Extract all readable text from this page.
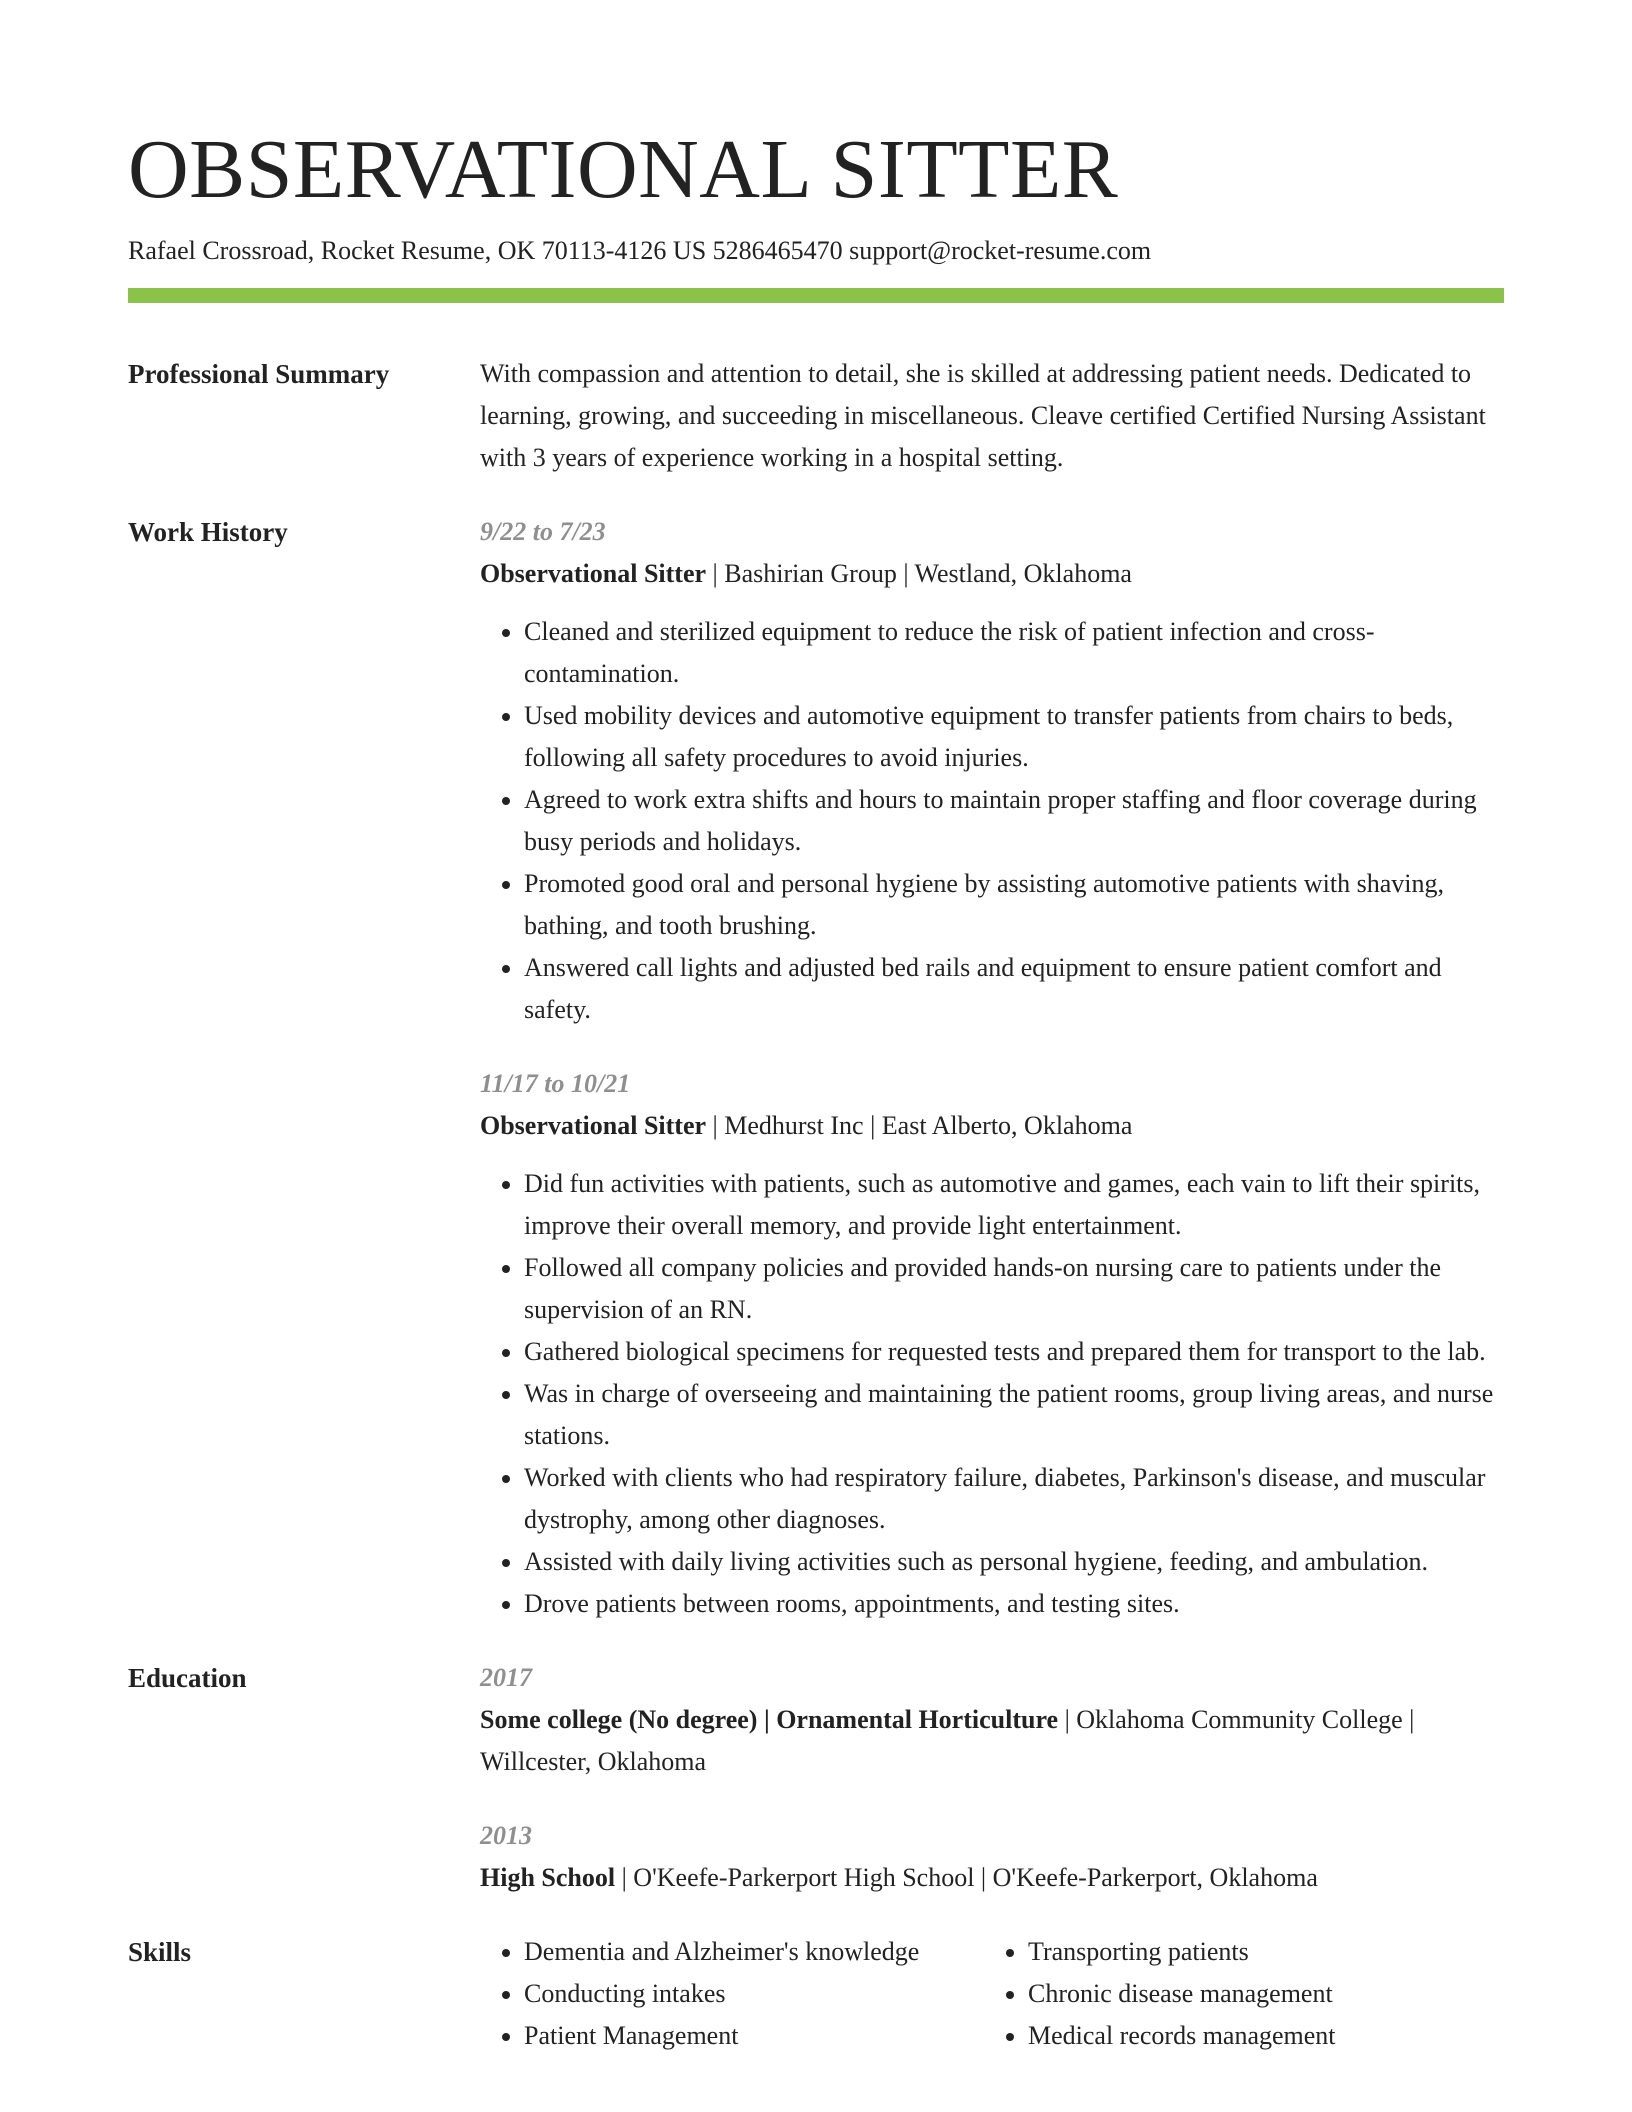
OBSERVATIONAL SITTER
Rafael Crossroad, Rocket Resume, OK 70113-4126 US 5286465470 support@rocket-resume.com
Professional Summary	With compassion and attention to detail, she is skilled at addressing patient needs. Dedicated to learning, growing, and succeeding in miscellaneous. Cleave certified Certified Nursing Assistant with 3 years of experience working in a hospital setting.

Work History	9/22 to 7/23
Observational Sitter | Bashirian Group | Westland, Oklahoma
• Cleaned and sterilized equipment to reduce the risk of patient infection and cross-contamination.
• Used mobility devices and automotive equipment to transfer patients from chairs to beds, following all safety procedures to avoid injuries.
• Agreed to work extra shifts and hours to maintain proper staffing and floor coverage during busy periods and holidays.
• Promoted good oral and personal hygiene by assisting automotive patients with shaving, bathing, and tooth brushing.
• Answered call lights and adjusted bed rails and equipment to ensure patient comfort and safety.
11/17 to 10/21
Observational Sitter | Medhurst Inc | East Alberto, Oklahoma
• Did fun activities with patients, such as automotive and games, each vain to lift their spirits, improve their overall memory, and provide light entertainment.
• Followed all company policies and provided hands-on nursing care to patients under the supervision of an RN.
• Gathered biological specimens for requested tests and prepared them for transport to the lab.
• Was in charge of overseeing and maintaining the patient rooms, group living areas, and nurse stations.
• Worked with clients who had respiratory failure, diabetes, Parkinson's disease, and muscular dystrophy, among other diagnoses.
• Assisted with daily living activities such as personal hygiene, feeding, and ambulation.
• Drove patients between rooms, appointments, and testing sites.
Education	2017
Some college (No degree) | Ornamental Horticulture | Oklahoma Community College | Willcester, Oklahoma
2013
High School | O'Keefe-Parkerport High School | O'Keefe-Parkerport, Oklahoma
Skills
•	Dementia and Alzheimer's knowledge
• Conducting intakes
• Patient Management
• Transporting patients
• Chronic disease management
• Medical records management
